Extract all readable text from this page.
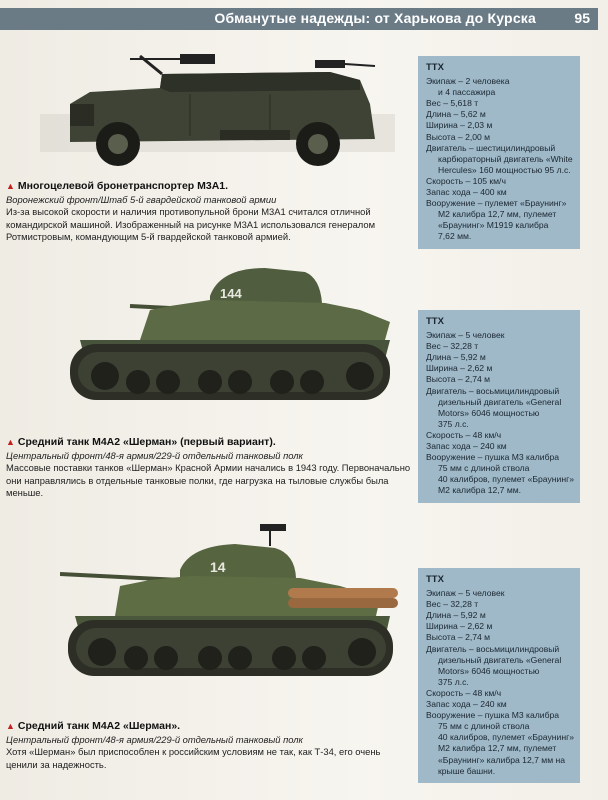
Обманутые надежды: от Харькова до Курска	95
ТТХ
Экипаж – 2 человека
и 4 пассажира
Вес – 5,618 т
Длина – 5,62 м
Ширина – 2,03 м
Высота – 2,00 м
Двигатель – шестицилиндровый
карбюраторный двигатель «White
Hercules» 160 мощностью 95 л.с.
Скорость – 105 км/ч
Запас хода – 400 км
Вооружение – пулемет «Браунинг»
М2 калибра 12,7 мм, пулемет
«Браунинг» М1919 калибра
7,62 мм.
▲ Многоцелевой бронетранспортер М3А1.
Воронежский фронт/Штаб 5-й гвардейской танковой армии
Из-за высокой скорости и наличия противопульной брони М3А1 считался отличной командирской машиной. Изображенный на рисунке М3А1 использовался генералом Ротмистровым, командующим 5-й гвардейской танковой армией.
144
ТТХ
Экипаж – 5 человек
Вес – 32,28 т
Длина – 5,92 м
Ширина – 2,62 м
Высота – 2,74 м
Двигатель – восьмицилиндровый
дизельный двигатель «General
Motors» 6046 мощностью
375 л.с.
Скорость – 48 км/ч
Запас хода – 240 км
Вооружение – пушка М3 калибра
75 мм с длиной ствола
40 калибров, пулемет «Браунинг»
М2 калибра 12,7 мм.
▲ Средний танк М4А2 «Шерман» (первый вариант).
Центральный фронт/48-я армия/229-й отдельный танковый полк
Массовые поставки танков «Шерман» Красной Армии начались в 1943 году. Первоначально они направлялись в отдельные танковые полки, где нагрузка на тыловые службы была меньше.
14
ТТХ
Экипаж – 5 человек
Вес – 32,28 т
Длина – 5,92 м
Ширина – 2,62 м
Высота – 2,74 м
Двигатель – восьмицилиндровый
дизельный двигатель «General
Motors» 6046 мощностью
375 л.с.
Скорость – 48 км/ч
Запас хода – 240 км
Вооружение – пушка М3 калибра
75 мм с длиной ствола
40 калибров, пулемет «Браунинг»
М2 калибра 12,7 мм, пулемет
«Браунинг» калибра 12,7 мм на
крыше башни.
▲ Средний танк М4А2 «Шерман».
Центральный фронт/48-я армия/229-й отдельный танковый полк
Хотя «Шерман» был приспособлен к российским условиям не так, как Т-34, его очень ценили за надежность.
